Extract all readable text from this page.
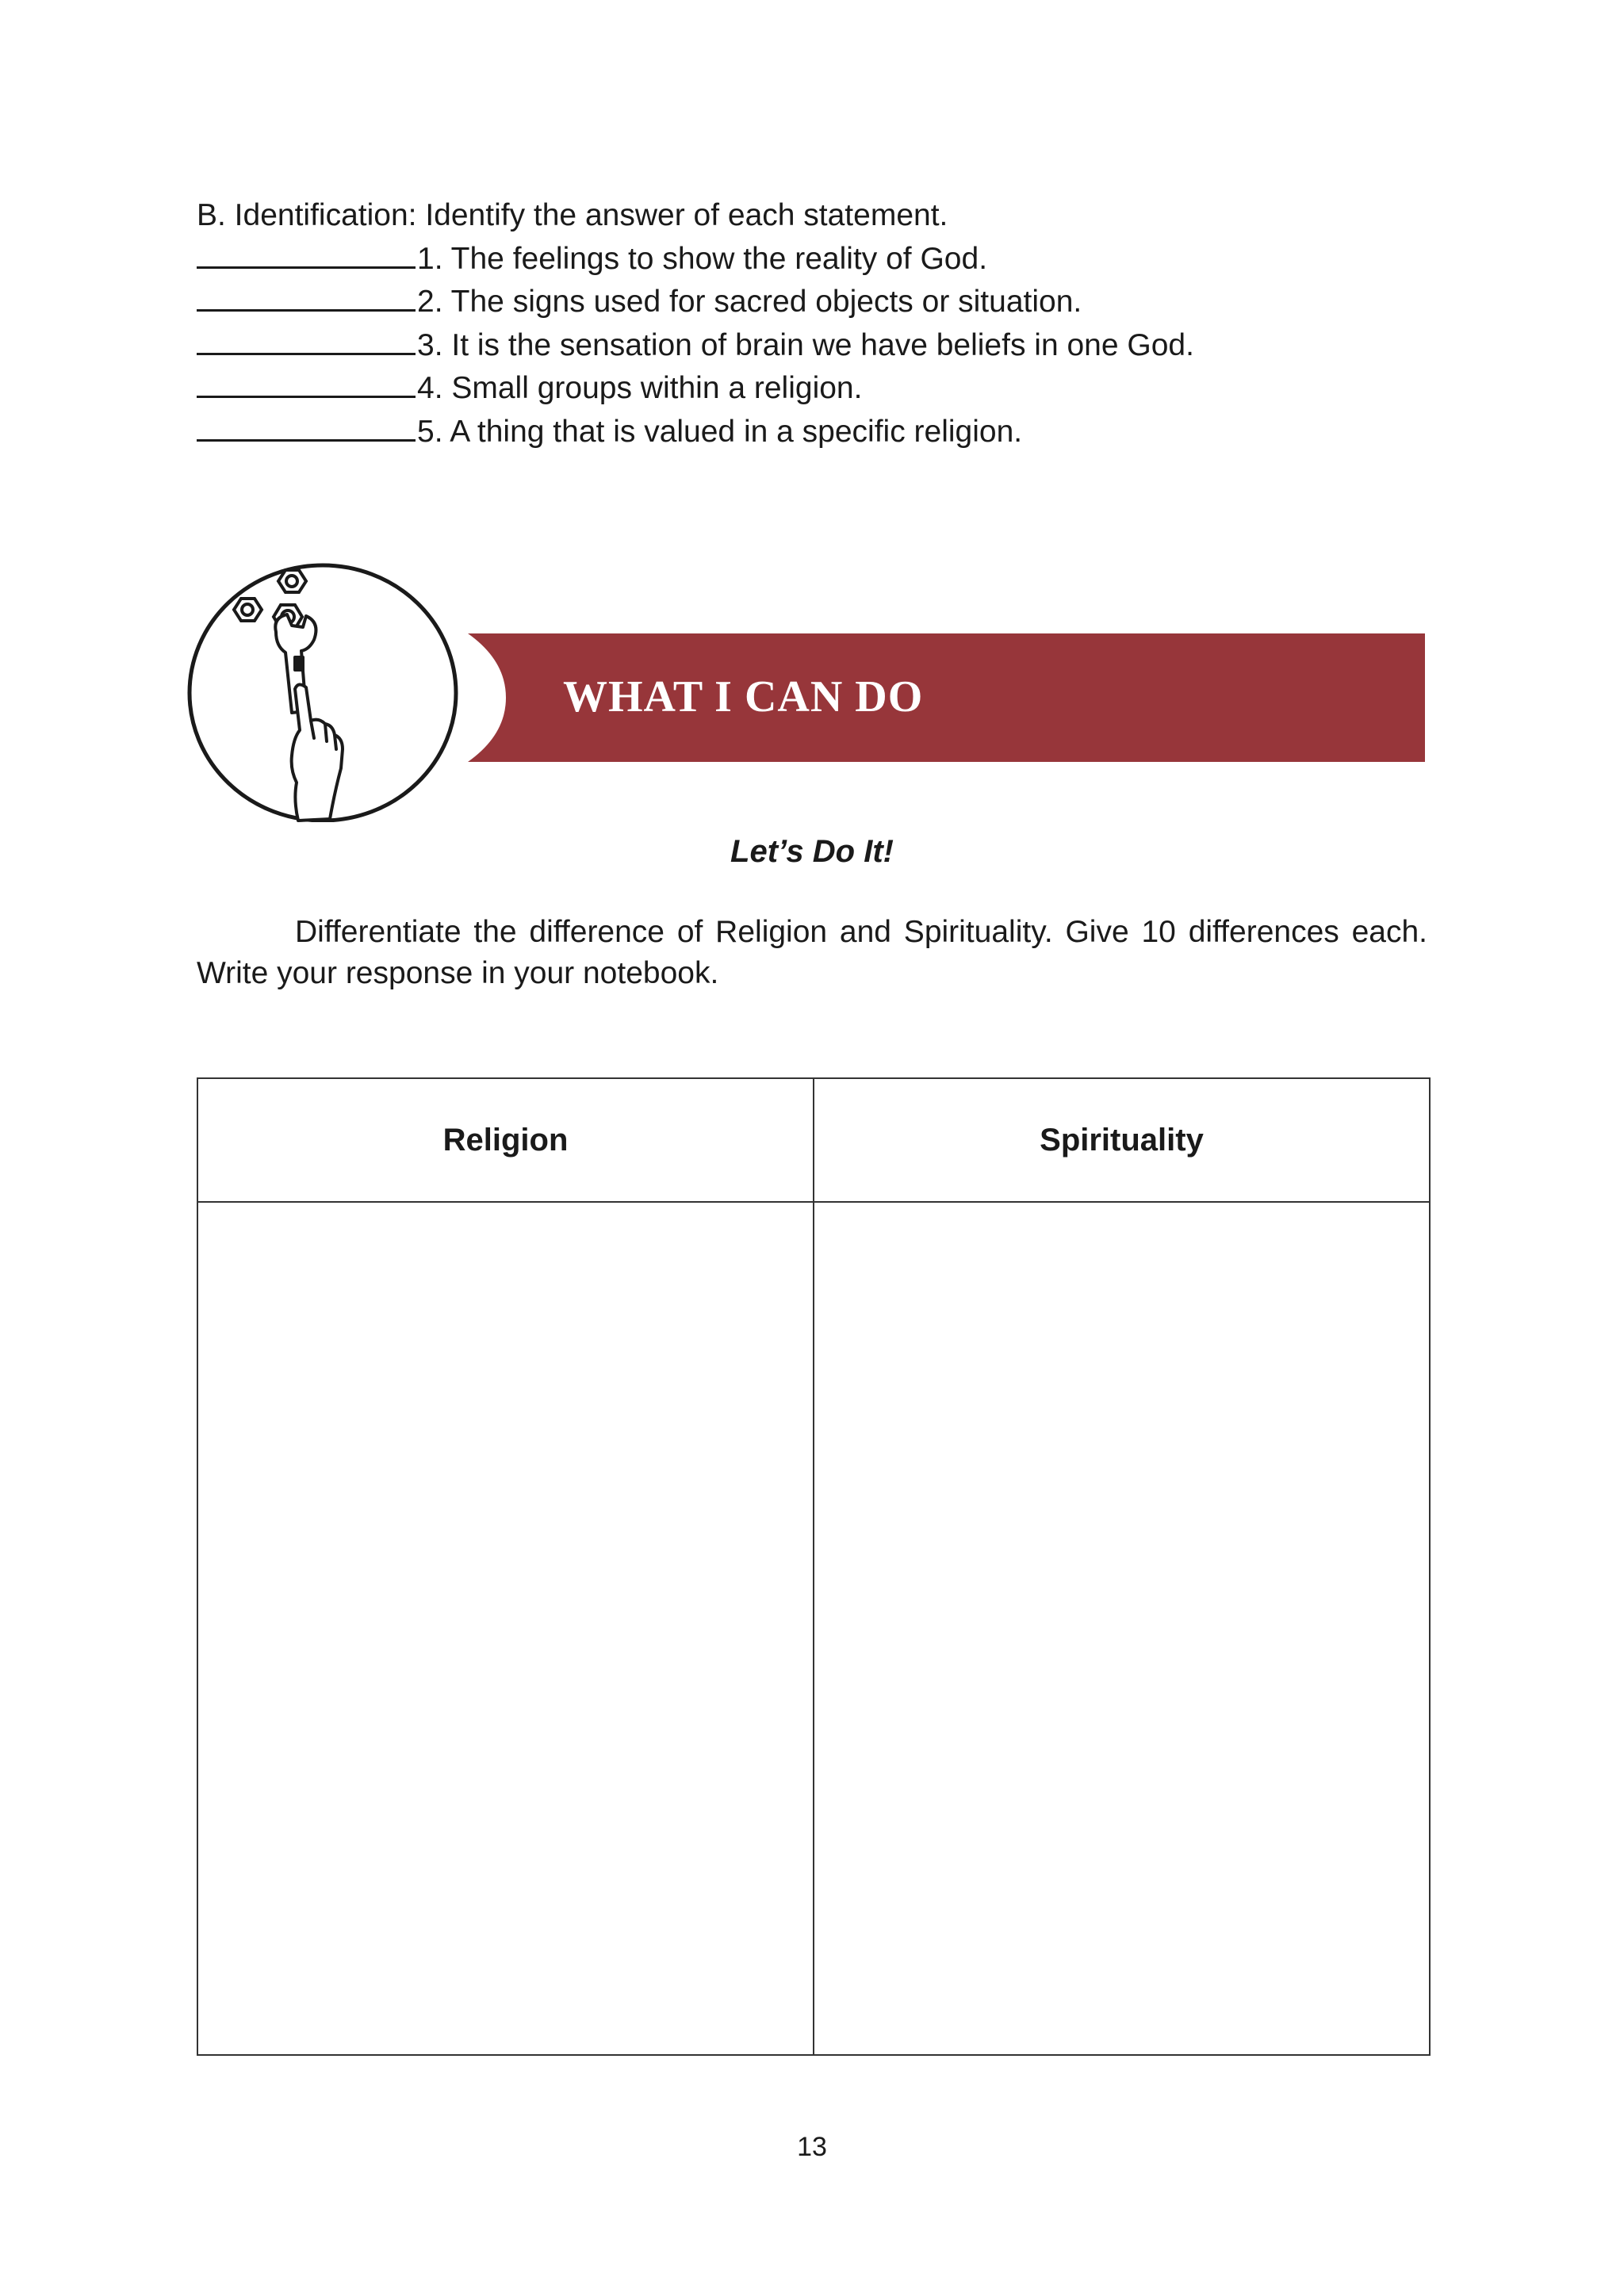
B. Identification: Identify the answer of each statement.
1. The feelings to show the reality of God.
2. The signs used for sacred objects or situation.
3. It is the sensation of brain we have beliefs in one God.
4. Small groups within a religion.
5. A thing that is valued in a specific religion.
WHAT I CAN DO
Let’s Do It!
Differentiate the difference of Religion and Spirituality. Give 10 differences each. Write your response in your notebook.
Religion	Spirituality

13
